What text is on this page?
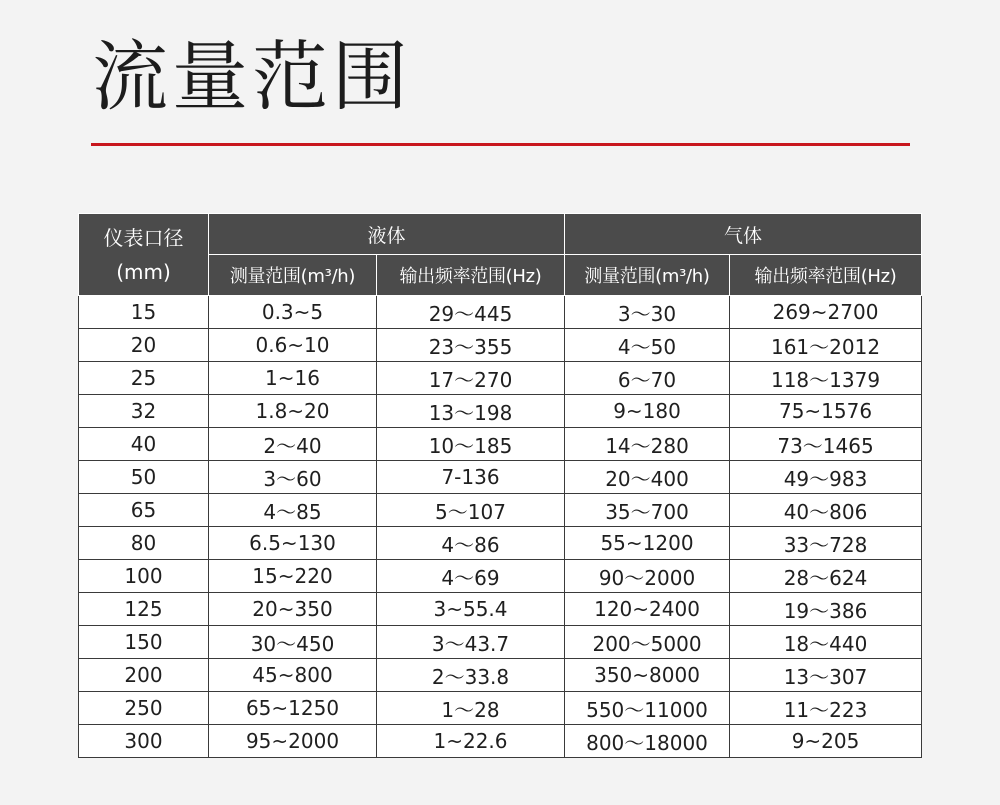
流量范围
仪表口径
(mm)	液体		气体	
	测量范围(m³/h)	输出频率范围(Hz)	测量范围(m³/h)	输出频率范围(Hz)
15	0.3~5	29～445	3～30	269~2700
20	0.6~10	23～355	4～50	161～2012
25	1~16	17～270	6～70	118～1379
32	1.8~20	13～198	9~180	75~1576
40	2～40	10～185	14～280	73～1465
50	3～60	7-136	20～400	49～983
65	4～85	5～107	35～700	40～806
80	6.5~130	4～86	55~1200	33～728
100	15~220	4～69	90～2000	28～624
125	20~350	3~55.4	120~2400	19～386
150	30～450	3～43.7	200～5000	18～440
200	45~800	2～33.8	350~8000	13～307
250	65~1250	1～28	550～11000	11～223
300	95~2000	1~22.6	800～18000	9~205
